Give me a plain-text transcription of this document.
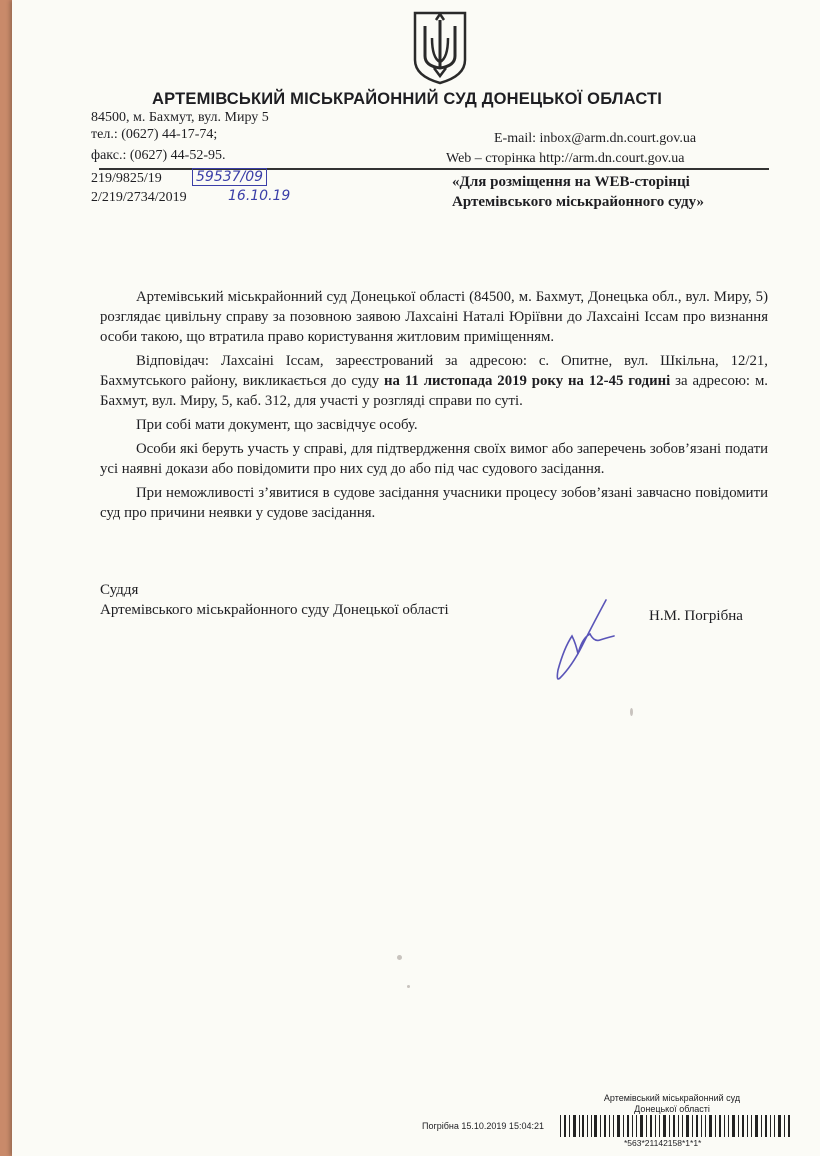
АРТЕМІВСЬКИЙ МІСЬКРАЙОННИЙ СУД ДОНЕЦЬКОЇ ОБЛАСТІ
84500, м. Бахмут, вул. Миру 5
тел.: (0627) 44-17-74;
факс.: (0627) 44-52-95.
E-mail: inbox@arm.dn.court.gov.ua
Web – сторінка http://arm.dn.court.gov.ua
219/9825/19
2/219/2734/2019
59537/09
16.10.19
«Для розміщення на WEB-сторінці
Артемівського міськрайонного суду»

Артемівський міськрайонний суд Донецької області (84500, м. Бахмут, Донецька обл., вул. Миру, 5) розглядає цивільну справу за позовною заявою Лахсаіні Наталі Юріївни до Лахсаіні Іссам про визнання особи такою, що втратила право користування житловим приміщенням.

Відповідач: Лахсаіні Іссам, зареєстрований за адресою: с. Опитне, вул. Шкільна, 12/21, Бахмутського району, викликається до суду на 11 листопада 2019 року на 12-45 годині за адресою: м. Бахмут, вул. Миру, 5, каб. 312, для участі у розгляді справи по суті.

При собі мати документ, що засвідчує особу.

Особи які беруть участь у справі, для підтвердження своїх вимог або заперечень зобов’язані подати усі наявні докази або повідомити про них суд до або під час судового засідання.

При неможливості з’явитися в судове засідання учасники процесу зобов’язані завчасно повідомити суд про причини неявки у судове засідання.

Суддя
Артемівського міськрайонного суду Донецької області	Н.М. Погрібна
Артемівський міськрайонний суд
Донецької області
Погрібна 15.10.2019 15:04:21
*563*21142158*1*1*
